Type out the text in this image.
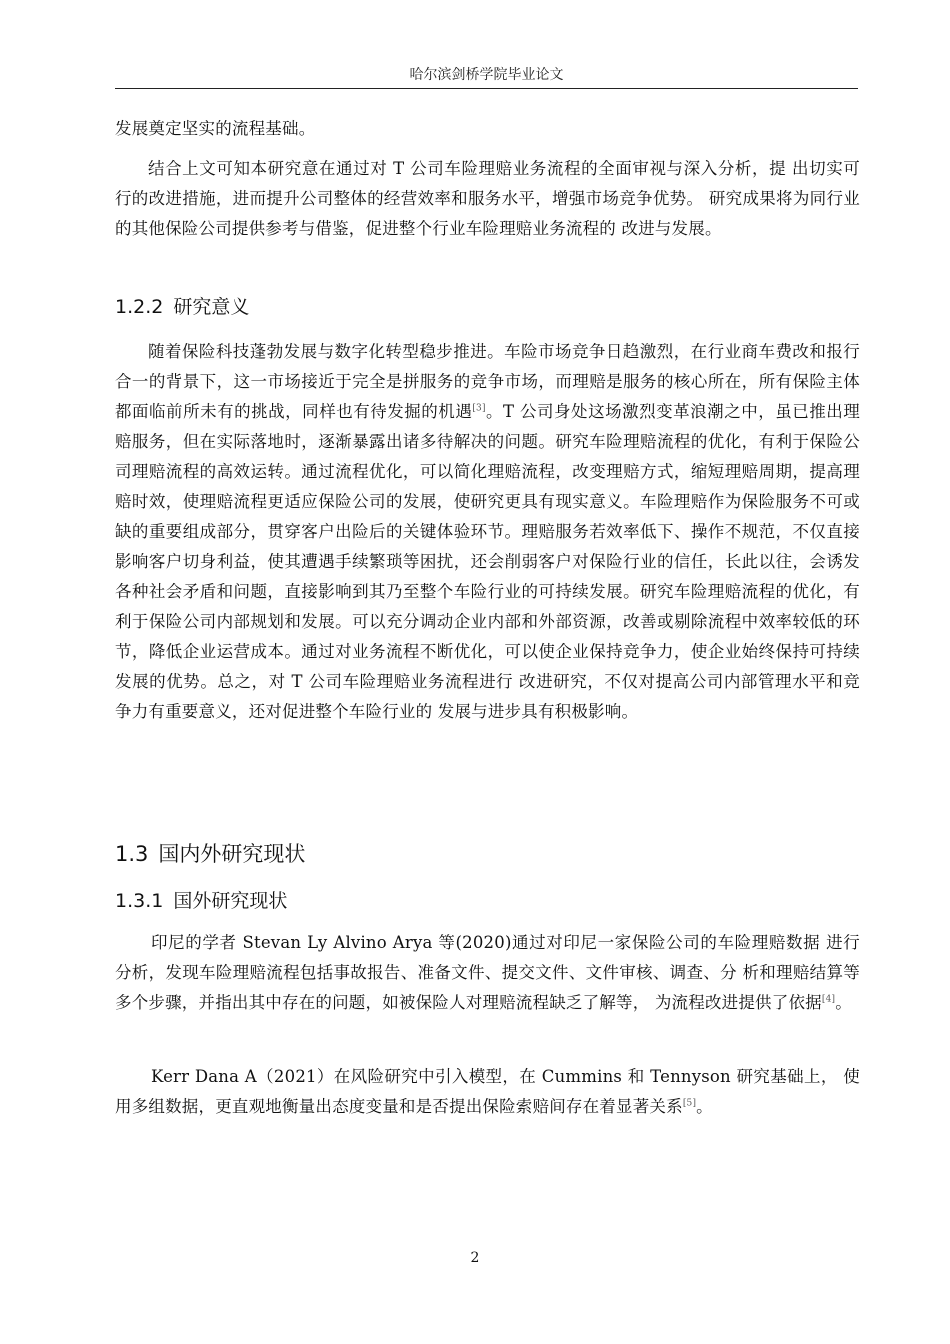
哈尔滨剑桥学院毕业论文

发展奠定坚实的流程基础。

结合上文可知本研究意在通过对 T 公司车险理赔业务流程的全面审视与深入分析，提 出切实可行的改进措施，进而提升公司整体的经营效率和服务水平，增强市场竞争优势。 研究成果将为同行业的其他保险公司提供参考与借鉴，促进整个行业车险理赔业务流程的 改进与发展。

1.2.2 研究意义

随着保险科技蓬勃发展与数字化转型稳步推进。车险市场竞争日趋激烈，在行业商车费改和报行合一的背景下，这一市场接近于完全是拼服务的竞争市场，而理赔是服务的核心所在，所有保险主体都面临前所未有的挑战，同样也有待发掘的机遇[3]。T 公司身处这场激烈变革浪潮之中，虽已推出理赔服务，但在实际落地时，逐渐暴露出诸多待解决的问题。研究车险理赔流程的优化，有利于保险公司理赔流程的高效运转。通过流程优化，可以简化理赔流程，改变理赔方式，缩短理赔周期，提高理赔时效，使理赔流程更适应保险公司的发展，使研究更具有现实意义。车险理赔作为保险服务不可或缺的重要组成部分，贯穿客户出险后的关键体验环节。理赔服务若效率低下、操作不规范，不仅直接影响客户切身利益，使其遭遇手续繁琐等困扰，还会削弱客户对保险行业的信任，长此以往，会诱发各种社会矛盾和问题，直接影响到其乃至整个车险行业的可持续发展。研究车险理赔流程的优化，有利于保险公司内部规划和发展。可以充分调动企业内部和外部资源，改善或剔除流程中效率较低的环节，降低企业运营成本。通过对业务流程不断优化，可以使企业保持竞争力，使企业始终保持可持续发展的优势。总之，对 T 公司车险理赔业务流程进行 改进研究，不仅对提高公司内部管理水平和竞争力有重要意义，还对促进整个车险行业的 发展与进步具有积极影响。

1.3 国内外研究现状
1.3.1 国外研究现状

印尼的学者 Stevan Ly Alvino Arya 等(2020)通过对印尼一家保险公司的车险理赔数据 进行分析，发现车险理赔流程包括事故报告、准备文件、提交文件、文件审核、调查、分 析和理赔结算等多个步骤，并指出其中存在的问题，如被保险人对理赔流程缺乏了解等， 为流程改进提供了依据[4]。

Kerr Dana A（2021）在风险研究中引入模型，在 Cummins 和 Tennyson 研究基础上， 使用多组数据，更直观地衡量出态度变量和是否提出保险索赔间存在着显著关系[5]。

2
